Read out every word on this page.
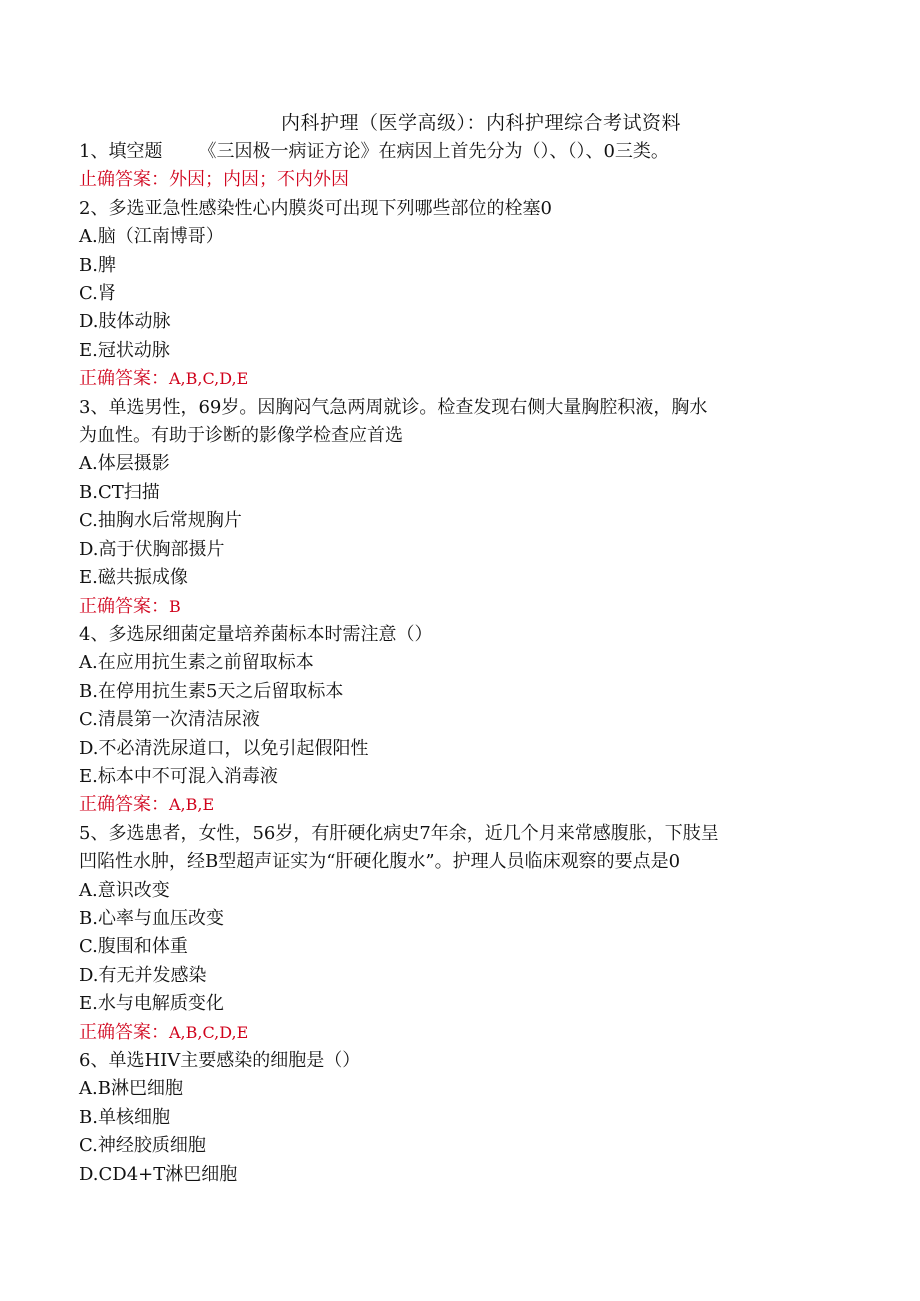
内科护理（医学高级）：内科护理综合考试资料
1、填空题 《三因极一病证方论》在病因上首先分为（）、（）、0三类。
止确答案：外因；内因；不内外因
2、多选亚急性感染性心内膜炎可出现下列哪些部位的栓塞0
A.脑（江南博哥）
B.脾
C.肾
D.肢体动脉
E.冠状动脉
正确答案：A,B,C,D,E
3、单选男性，69岁。因胸闷气急两周就诊。检查发现右侧大量胸腔积液，胸水
为血性。有助于诊断的影像学检查应首选
A.体层摄影
B.CT扫描
C.抽胸水后常规胸片
D.高于伏胸部摄片
E.磁共振成像
正确答案：B
4、多选尿细菌定量培养菌标本时需注意（）
A.在应用抗生素之前留取标本
B.在停用抗生素5天之后留取标本
C.清晨第一次清洁尿液
D.不必清洗尿道口，以免引起假阳性
E.标本中不可混入消毒液
正确答案：A,B,E
5、多选患者，女性，56岁，有肝硬化病史7年余，近几个月来常感腹胀，下肢呈
凹陷性水肿，经B型超声证实为“肝硬化腹水”。护理人员临床观察的要点是0
A.意识改变
B.心率与血压改变
C.腹围和体重
D.有无并发感染
E.水与电解质变化
正确答案：A,B,C,D,E
6、单选HIV主要感染的细胞是（）
A.B淋巴细胞
B.单核细胞
C.神经胶质细胞
D.CD4+T淋巴细胞
